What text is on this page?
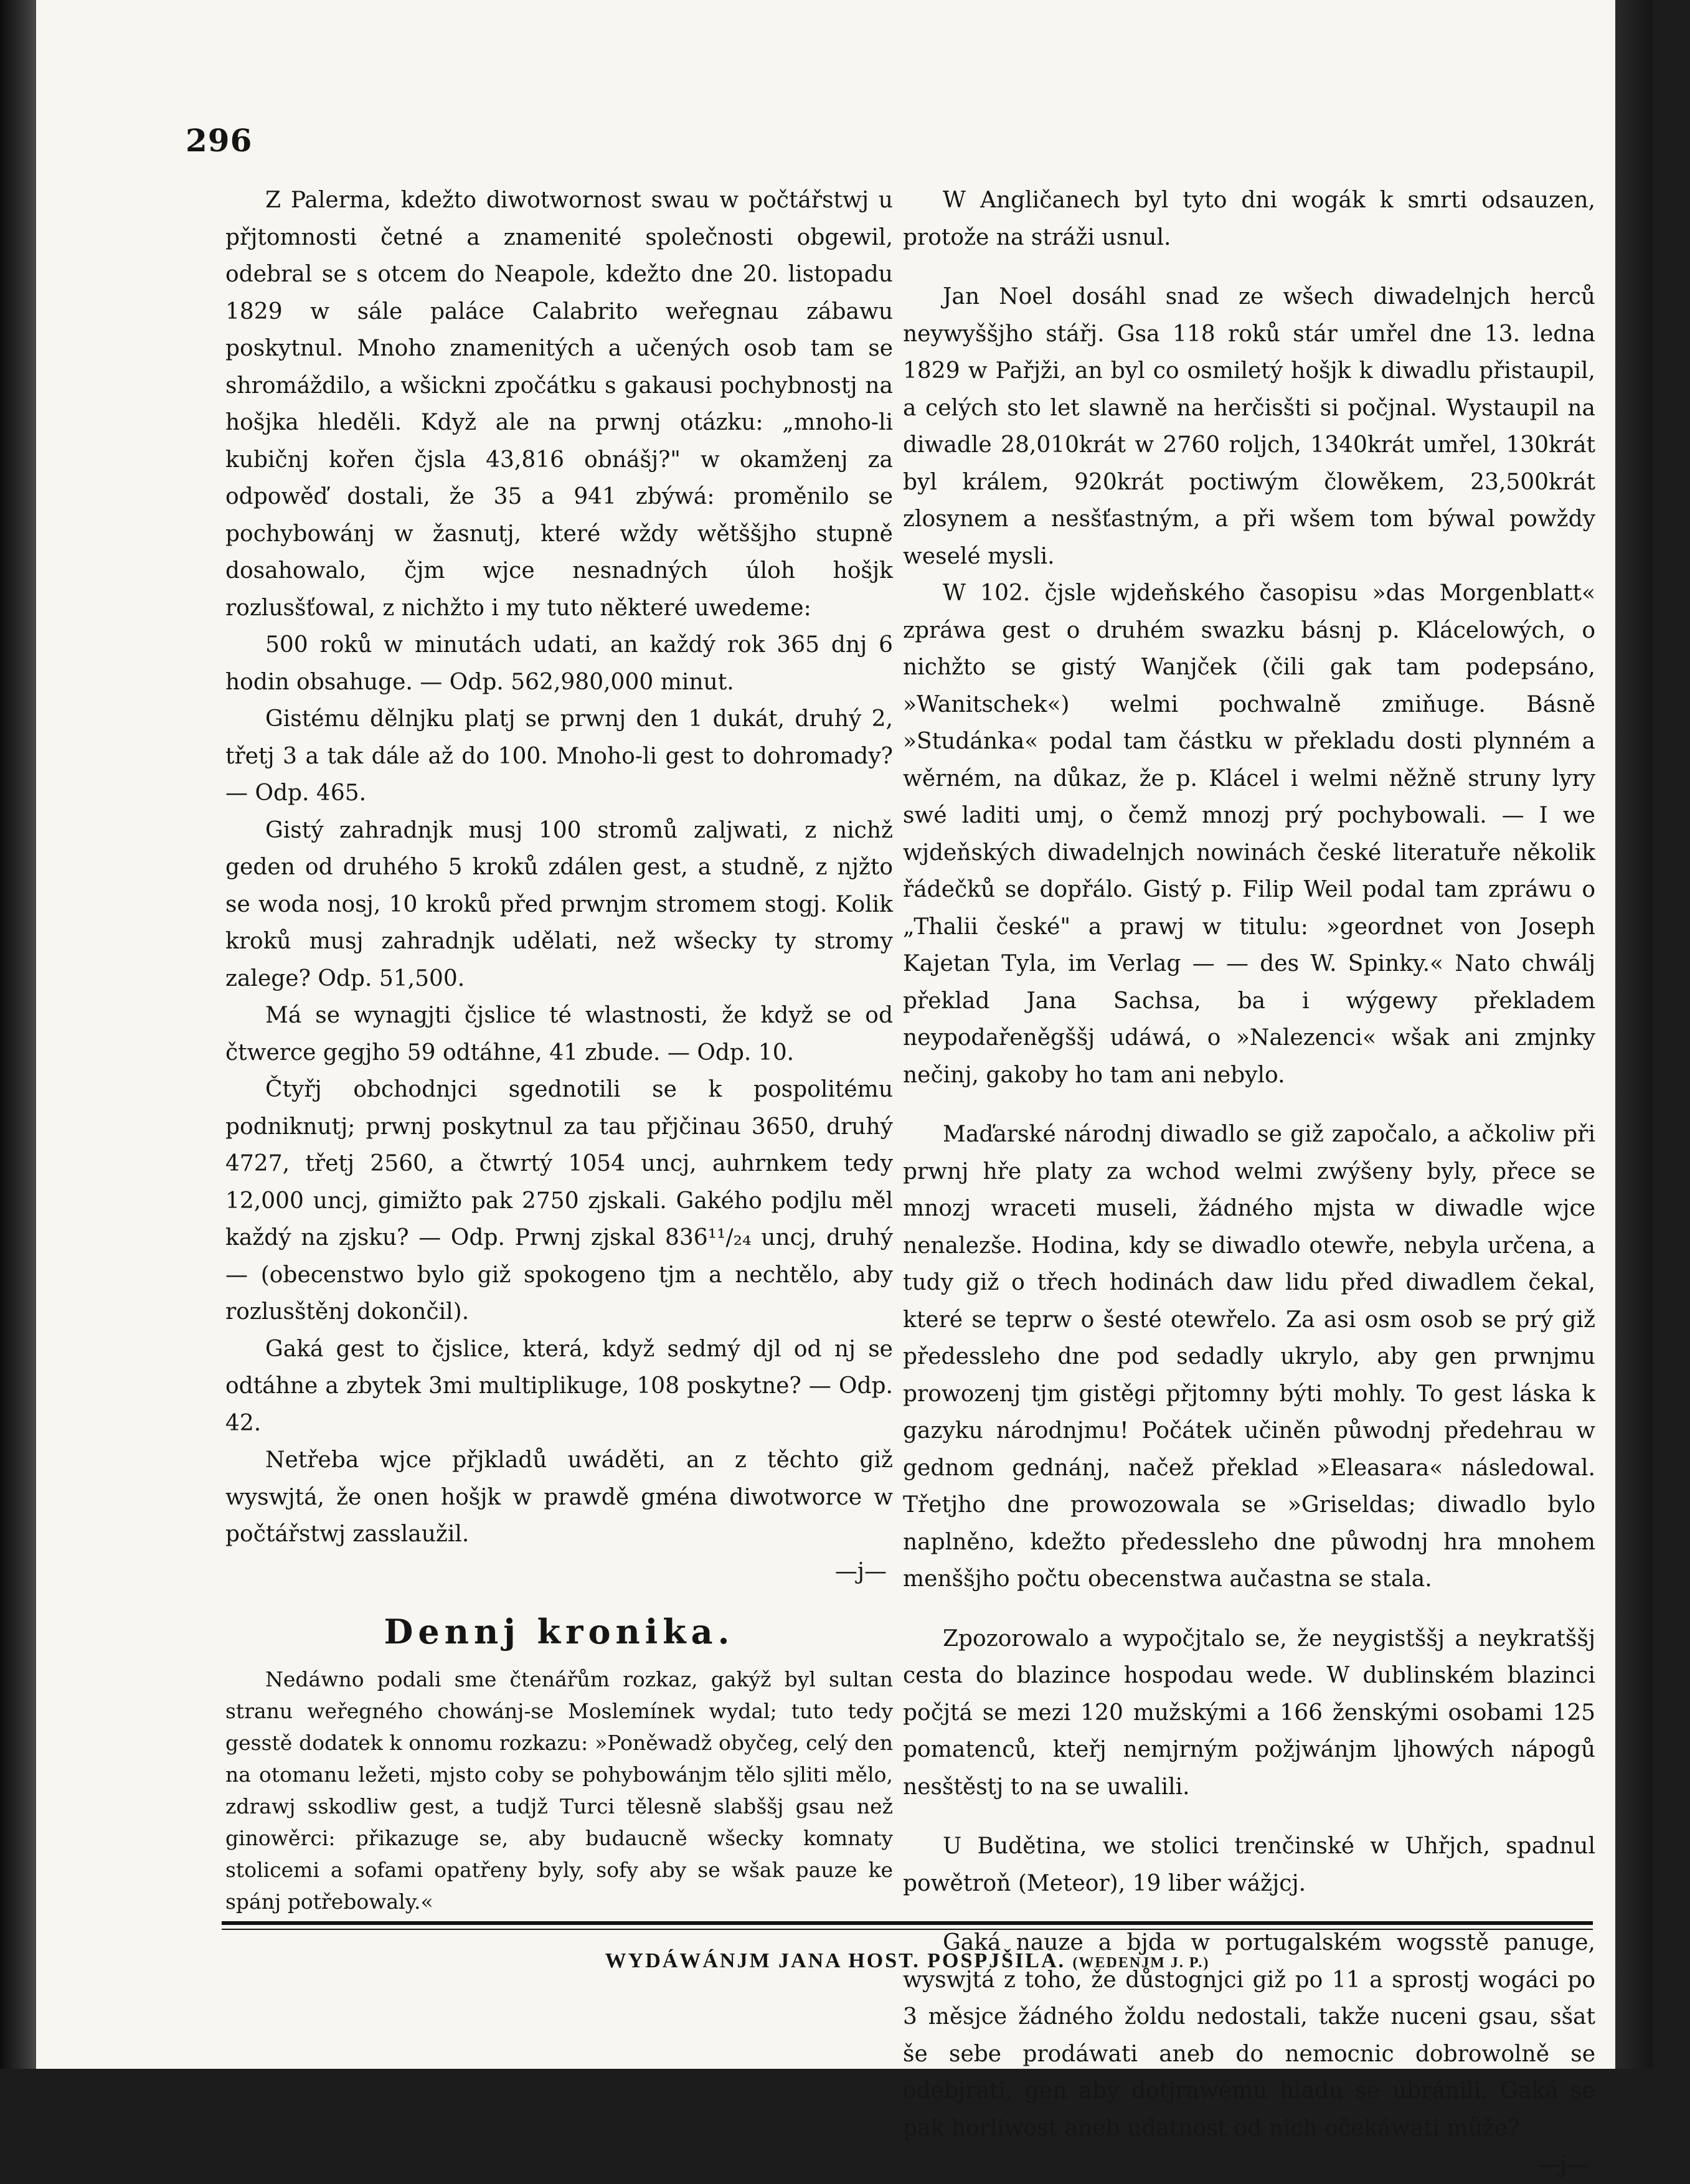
296

Z Palerma, kdežto diwotwornost swau w počtářstwj u přjtomnosti četné a znamenité společnosti obgewil, odebral se s otcem do Neapole, kdežto dne 20. listopadu 1829 w sále paláce Calabrito weřegnau zábawu poskytnul. Mnoho znamenitých a učených osob tam se shromáždilo, a wšickni zpočátku s gakausi pochybnostj na hošjka hleděli. Když ale na prwnj otázku: „mnoho-li kubičnj kořen čjsla 43,816 obnášj?" w okamženj za odpowěď dostali, že 35 a 941 zbýwá: proměnilo se pochybowánj w žasnutj, které wždy wětššjho stupně dosahowalo, čjm wjce nesnadných úloh hošjk rozlusšťowal, z nichžto i my tuto některé uwedeme:

500 roků w minutách udati, an každý rok 365 dnj 6 hodin obsahuge. — Odp. 562,980,000 minut.

Gistému dělnjku platj se prwnj den 1 dukát, druhý 2, třetj 3 a tak dále až do 100. Mnoho-li gest to dohromady? — Odp. 465.

Gistý zahradnjk musj 100 stromů zaljwati, z nichž geden od druhého 5 kroků zdálen gest, a studně, z njžto se woda nosj, 10 kroků před prwnjm stromem stogj. Kolik kroků musj zahradnjk udělati, než wšecky ty stromy zalege? Odp. 51,500.

Má se wynagjti čjslice té wlastnosti, že když se od čtwerce gegjho 59 odtáhne, 41 zbude. — Odp. 10.

Čtyřj obchodnjci sgednotili se k pospolitému podniknutj; prwnj poskytnul za tau přjčinau 3650, druhý 4727, třetj 2560, a čtwrtý 1054 uncj, auhrnkem tedy 12,000 uncj, gimižto pak 2750 zjskali. Gakého podjlu měl každý na zjsku? — Odp. Prwnj zjskal 836¹¹/₂₄ uncj, druhý — (obecenstwo bylo giž spokogeno tjm a nechtělo, aby rozlusštěnj dokončil).

Gaká gest to čjslice, která, když sedmý djl od nj se odtáhne a zbytek 3mi multiplikuge, 108 poskytne? — Odp. 42.

Netřeba wjce přjkladů uwáděti, an z těchto giž wyswjtá, že onen hošjk w prawdě gména diwotworce w počtářstwj zasslaužil.

—j—

Dennj kronika.

Nedáwno podali sme čtenářům rozkaz, gakýž byl sultan stranu weřegného chowánj-se Moslemínek wydal; tuto tedy gesstě dodatek k onnomu rozkazu: »Poněwadž obyčeg, celý den na otomanu ležeti, mjsto coby se pohybowánjm tělo sjliti mělo, zdrawj sskodliw gest, a tudjž Turci tělesně slabššj gsau než ginowěrci: přikazuge se, aby budaucně wšecky komnaty stolicemi a sofami opatřeny byly, sofy aby se wšak pauze ke spánj potřebowaly.«

W Angličanech byl tyto dni wogák k smrti odsauzen, protože na stráži usnul.

Jan Noel dosáhl snad ze wšech diwadelnjch herců neywyššjho stářj. Gsa 118 roků stár umřel dne 13. ledna 1829 w Pařjži, an byl co osmiletý hošjk k diwadlu přistaupil, a celých sto let slawně na herčisšti si počjnal. Wystaupil na diwadle 28,010krát w 2760 roljch, 1340krát umřel, 130krát byl králem, 920krát poctiwým člowěkem, 23,500krát zlosynem a nesšťastným, a při wšem tom býwal powždy weselé mysli.

W 102. čjsle wjdeňského časopisu »das Morgenblatt« zpráwa gest o druhém swazku básnj p. Klácelowých, o nichžto se gistý Wanjček (čili gak tam podepsáno, »Wanitschek«) welmi pochwalně zmiňuge. Básně »Studánka« podal tam částku w překladu dosti plynném a wěrném, na důkaz, že p. Klácel i welmi něžně struny lyry swé laditi umj, o čemž mnozj prý pochybowali. — I we wjdeňských diwadelnjch nowinách české literatuře několik řádečků se dopřálo. Gistý p. Filip Weil podal tam zpráwu o „Thalii české" a prawj w titulu: »geordnet von Joseph Kajetan Tyla, im Verlag — — des W. Spinky.« Nato chwálj překlad Jana Sachsa, ba i wýgewy překladem neypodařeněgššj udáwá, o »Nalezenci« wšak ani zmjnky nečinj, gakoby ho tam ani nebylo.

Maďarské národnj diwadlo se giž započalo, a ačkoliw při prwnj hře platy za wchod welmi zwýšeny byly, přece se mnozj wraceti museli, žádného mjsta w diwadle wjce nenalezše. Hodina, kdy se diwadlo otewře, nebyla určena, a tudy giž o třech hodinách daw lidu před diwadlem čekal, které se teprw o šesté otewřelo. Za asi osm osob se prý giž předessleho dne pod sedadly ukrylo, aby gen prwnjmu prowozenj tjm gistěgi přjtomny býti mohly. To gest láska k gazyku národnjmu! Počátek učiněn půwodnj předehrau w gednom gednánj, načež překlad »Eleasara« následowal. Třetjho dne prowozowala se »Griseldas; diwadlo bylo naplněno, kdežto předessleho dne půwodnj hra mnohem menššjho počtu obecenstwa aučastna se stala.

Zpozorowalo a wypočjtalo se, že neygistššj a neykratššj cesta do blazince hospodau wede. W dublinském blazinci počjtá se mezi 120 mužskými a 166 ženskými osobami 125 pomatenců, kteřj nemjrným požjwánjm ljhowých nápogů nesštěstj to na se uwalili.

U Budětina, we stolici trenčinské w Uhřjch, spadnul powětroň (Meteor), 19 liber wážjcj.

Gaká nauze a bjda w portugalském wogsstě panuge, wyswjtá z toho, že důstognjci giž po 11 a sprostj wogáci po 3 měsjce žádného žoldu nedostali, takže nuceni gsau, sšat še sebe prodáwati aneb do nemocnic dobrowolně se odebjrati, gen aby dotjrawému hladu se ubránili. Gaká se pak horliwost aneb udatnost od nich očekáwati může?

—j—

WYDÁWÁNJM JANA HOST. POSPJŠILA. (WEDENJM J. P.)
